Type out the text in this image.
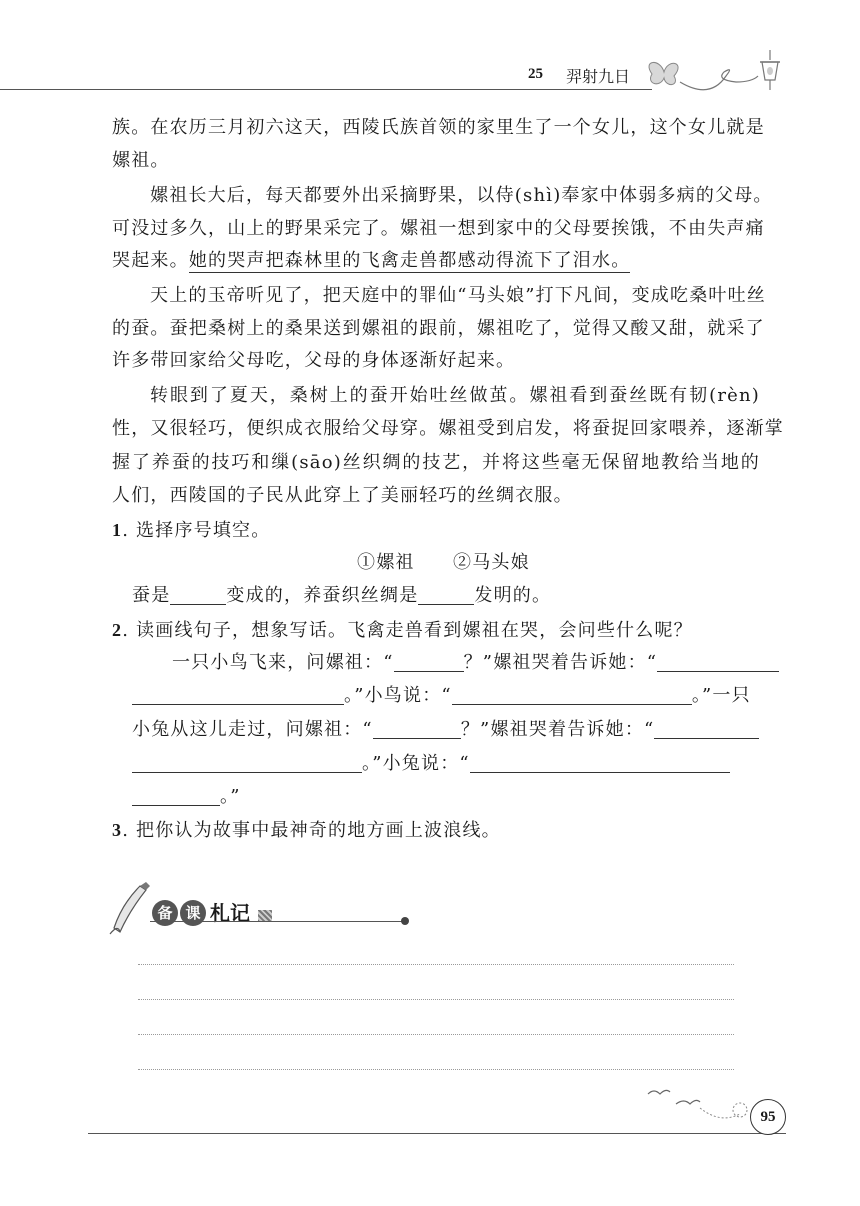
25 羿射九日
族。在农历三月初六这天，西陵氏族首领的家里生了一个女儿，这个女儿就是
嫘祖。
嫘祖长大后，每天都要外出采摘野果，以侍(shì)奉家中体弱多病的父母。
可没过多久，山上的野果采完了。嫘祖一想到家中的父母要挨饿，不由失声痛
哭起来。她的哭声把森林里的飞禽走兽都感动得流下了泪水。
天上的玉帝听见了，把天庭中的罪仙“马头娘”打下凡间，变成吃桑叶吐丝
的蚕。蚕把桑树上的桑果送到嫘祖的跟前，嫘祖吃了，觉得又酸又甜，就采了
许多带回家给父母吃，父母的身体逐渐好起来。
转眼到了夏天，桑树上的蚕开始吐丝做茧。嫘祖看到蚕丝既有韧(rèn)
性，又很轻巧，便织成衣服给父母穿。嫘祖受到启发，将蚕捉回家喂养，逐渐掌
握了养蚕的技巧和缫(sāo)丝织绸的技艺，并将这些毫无保留地教给当地的
人们，西陵国的子民从此穿上了美丽轻巧的丝绸衣服。
1. 选择序号填空。
①嫘祖　　②马头娘
蚕是	变成的，养蚕织丝绸是	发明的。
2. 读画线句子，想象写话。飞禽走兽看到嫘祖在哭，会问些什么呢？
一只小鸟飞来，问嫘祖：“	？”嫘祖哭着告诉她：“
。”小鸟说：“	。”一只
小兔从这儿走过，问嫘祖：“	？”嫘祖哭着告诉她：“
。”小兔说：“
。”
3. 把你认为故事中最神奇的地方画上波浪线。
备 课 札记
95
